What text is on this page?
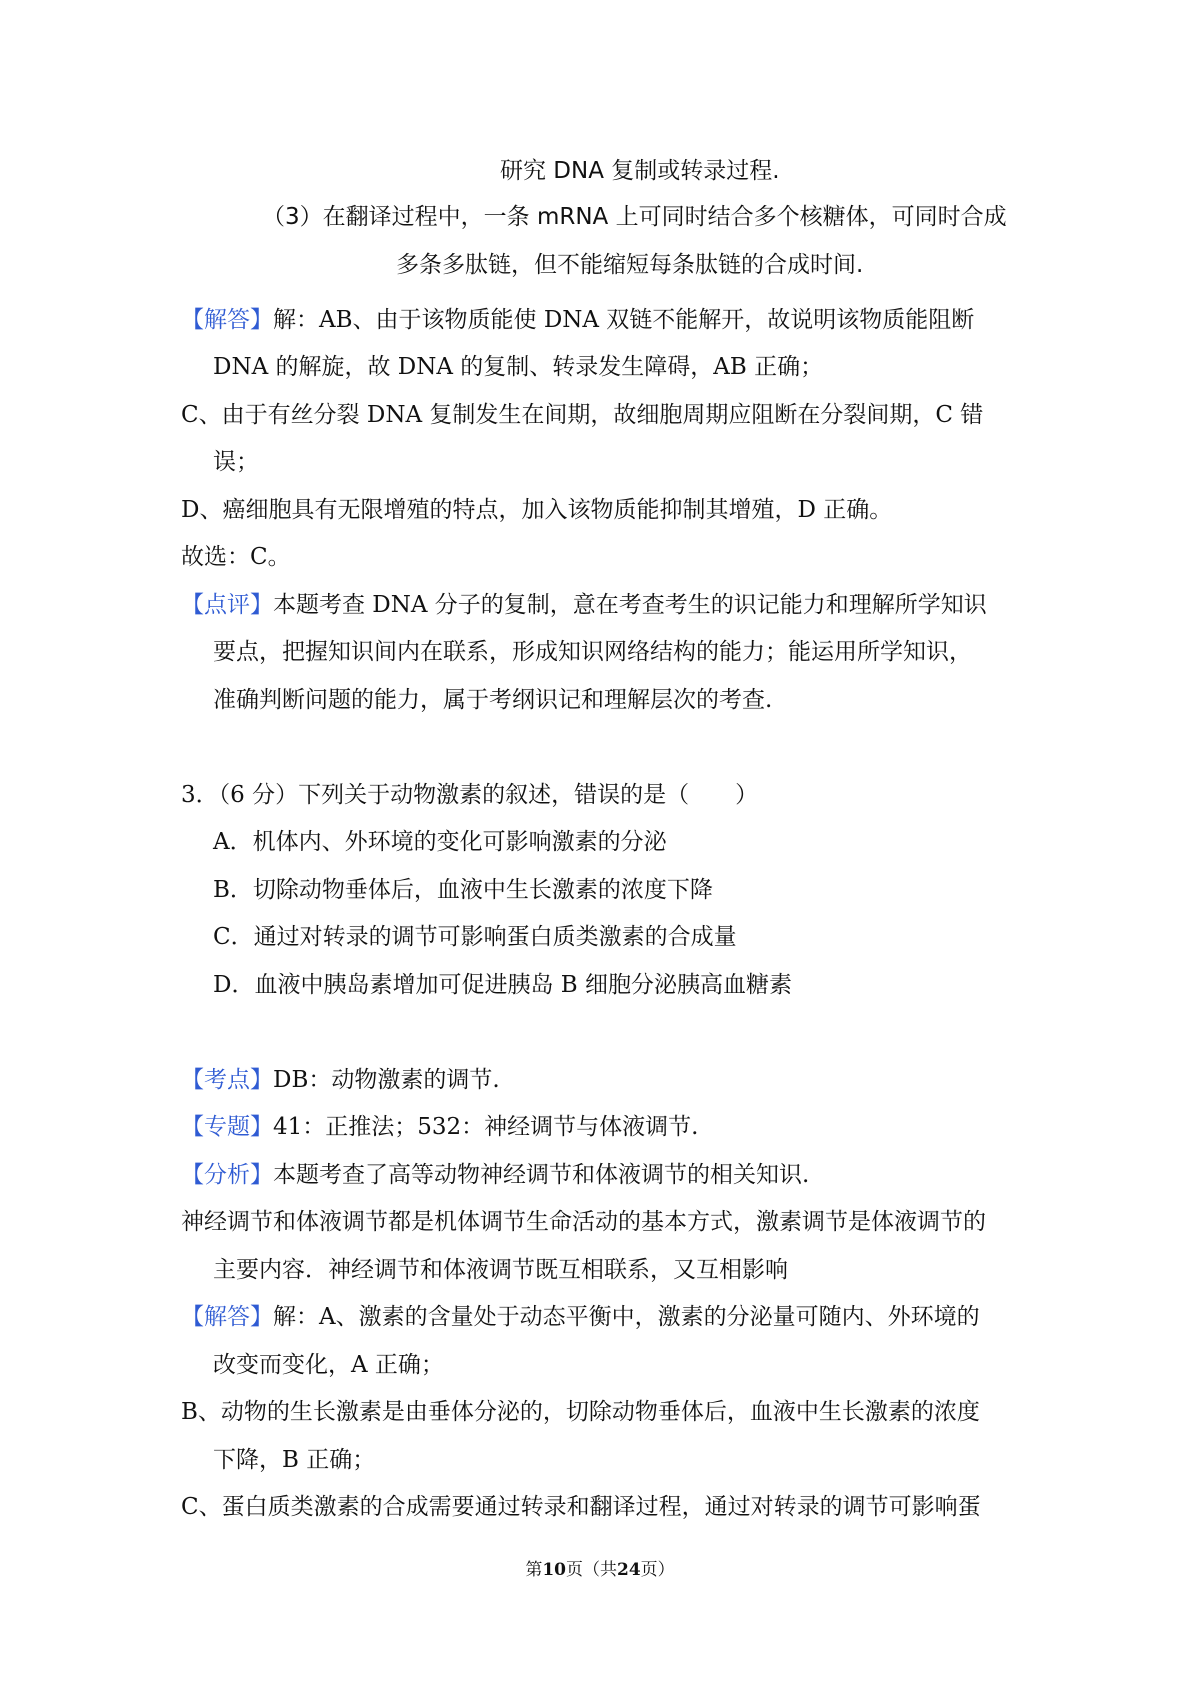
研究 DNA 复制或转录过程.
（3）在翻译过程中，一条 mRNA 上可同时结合多个核糖体，可同时合成
多条多肽链，但不能缩短每条肽链的合成时间.
【解答】解：AB、由于该物质能使 DNA 双链不能解开，故说明该物质能阻断
DNA 的解旋，故 DNA 的复制、转录发生障碍，AB 正确；
C、由于有丝分裂 DNA 复制发生在间期，故细胞周期应阻断在分裂间期，C 错
误；
D、癌细胞具有无限增殖的特点，加入该物质能抑制其增殖，D 正确。
故选：C。
【点评】本题考查 DNA 分子的复制，意在考查考生的识记能力和理解所学知识
要点，把握知识间内在联系，形成知识网络结构的能力；能运用所学知识，
准确判断问题的能力，属于考纲识记和理解层次的考查.
3．（6 分）下列关于动物激素的叙述，错误的是（　　）
A．机体内、外环境的变化可影响激素的分泌
B．切除动物垂体后，血液中生长激素的浓度下降
C．通过对转录的调节可影响蛋白质类激素的合成量
D．血液中胰岛素增加可促进胰岛 B 细胞分泌胰高血糖素
【考点】DB：动物激素的调节.
【专题】41：正推法；532：神经调节与体液调节.
【分析】本题考查了高等动物神经调节和体液调节的相关知识.
神经调节和体液调节都是机体调节生命活动的基本方式，激素调节是体液调节的
主要内容．神经调节和体液调节既互相联系，又互相影响
【解答】解：A、激素的含量处于动态平衡中，激素的分泌量可随内、外环境的
改变而变化，A 正确；
B、动物的生长激素是由垂体分泌的，切除动物垂体后，血液中生长激素的浓度
下降，B 正确；
C、蛋白质类激素的合成需要通过转录和翻译过程，通过对转录的调节可影响蛋
第10页（共24页）
